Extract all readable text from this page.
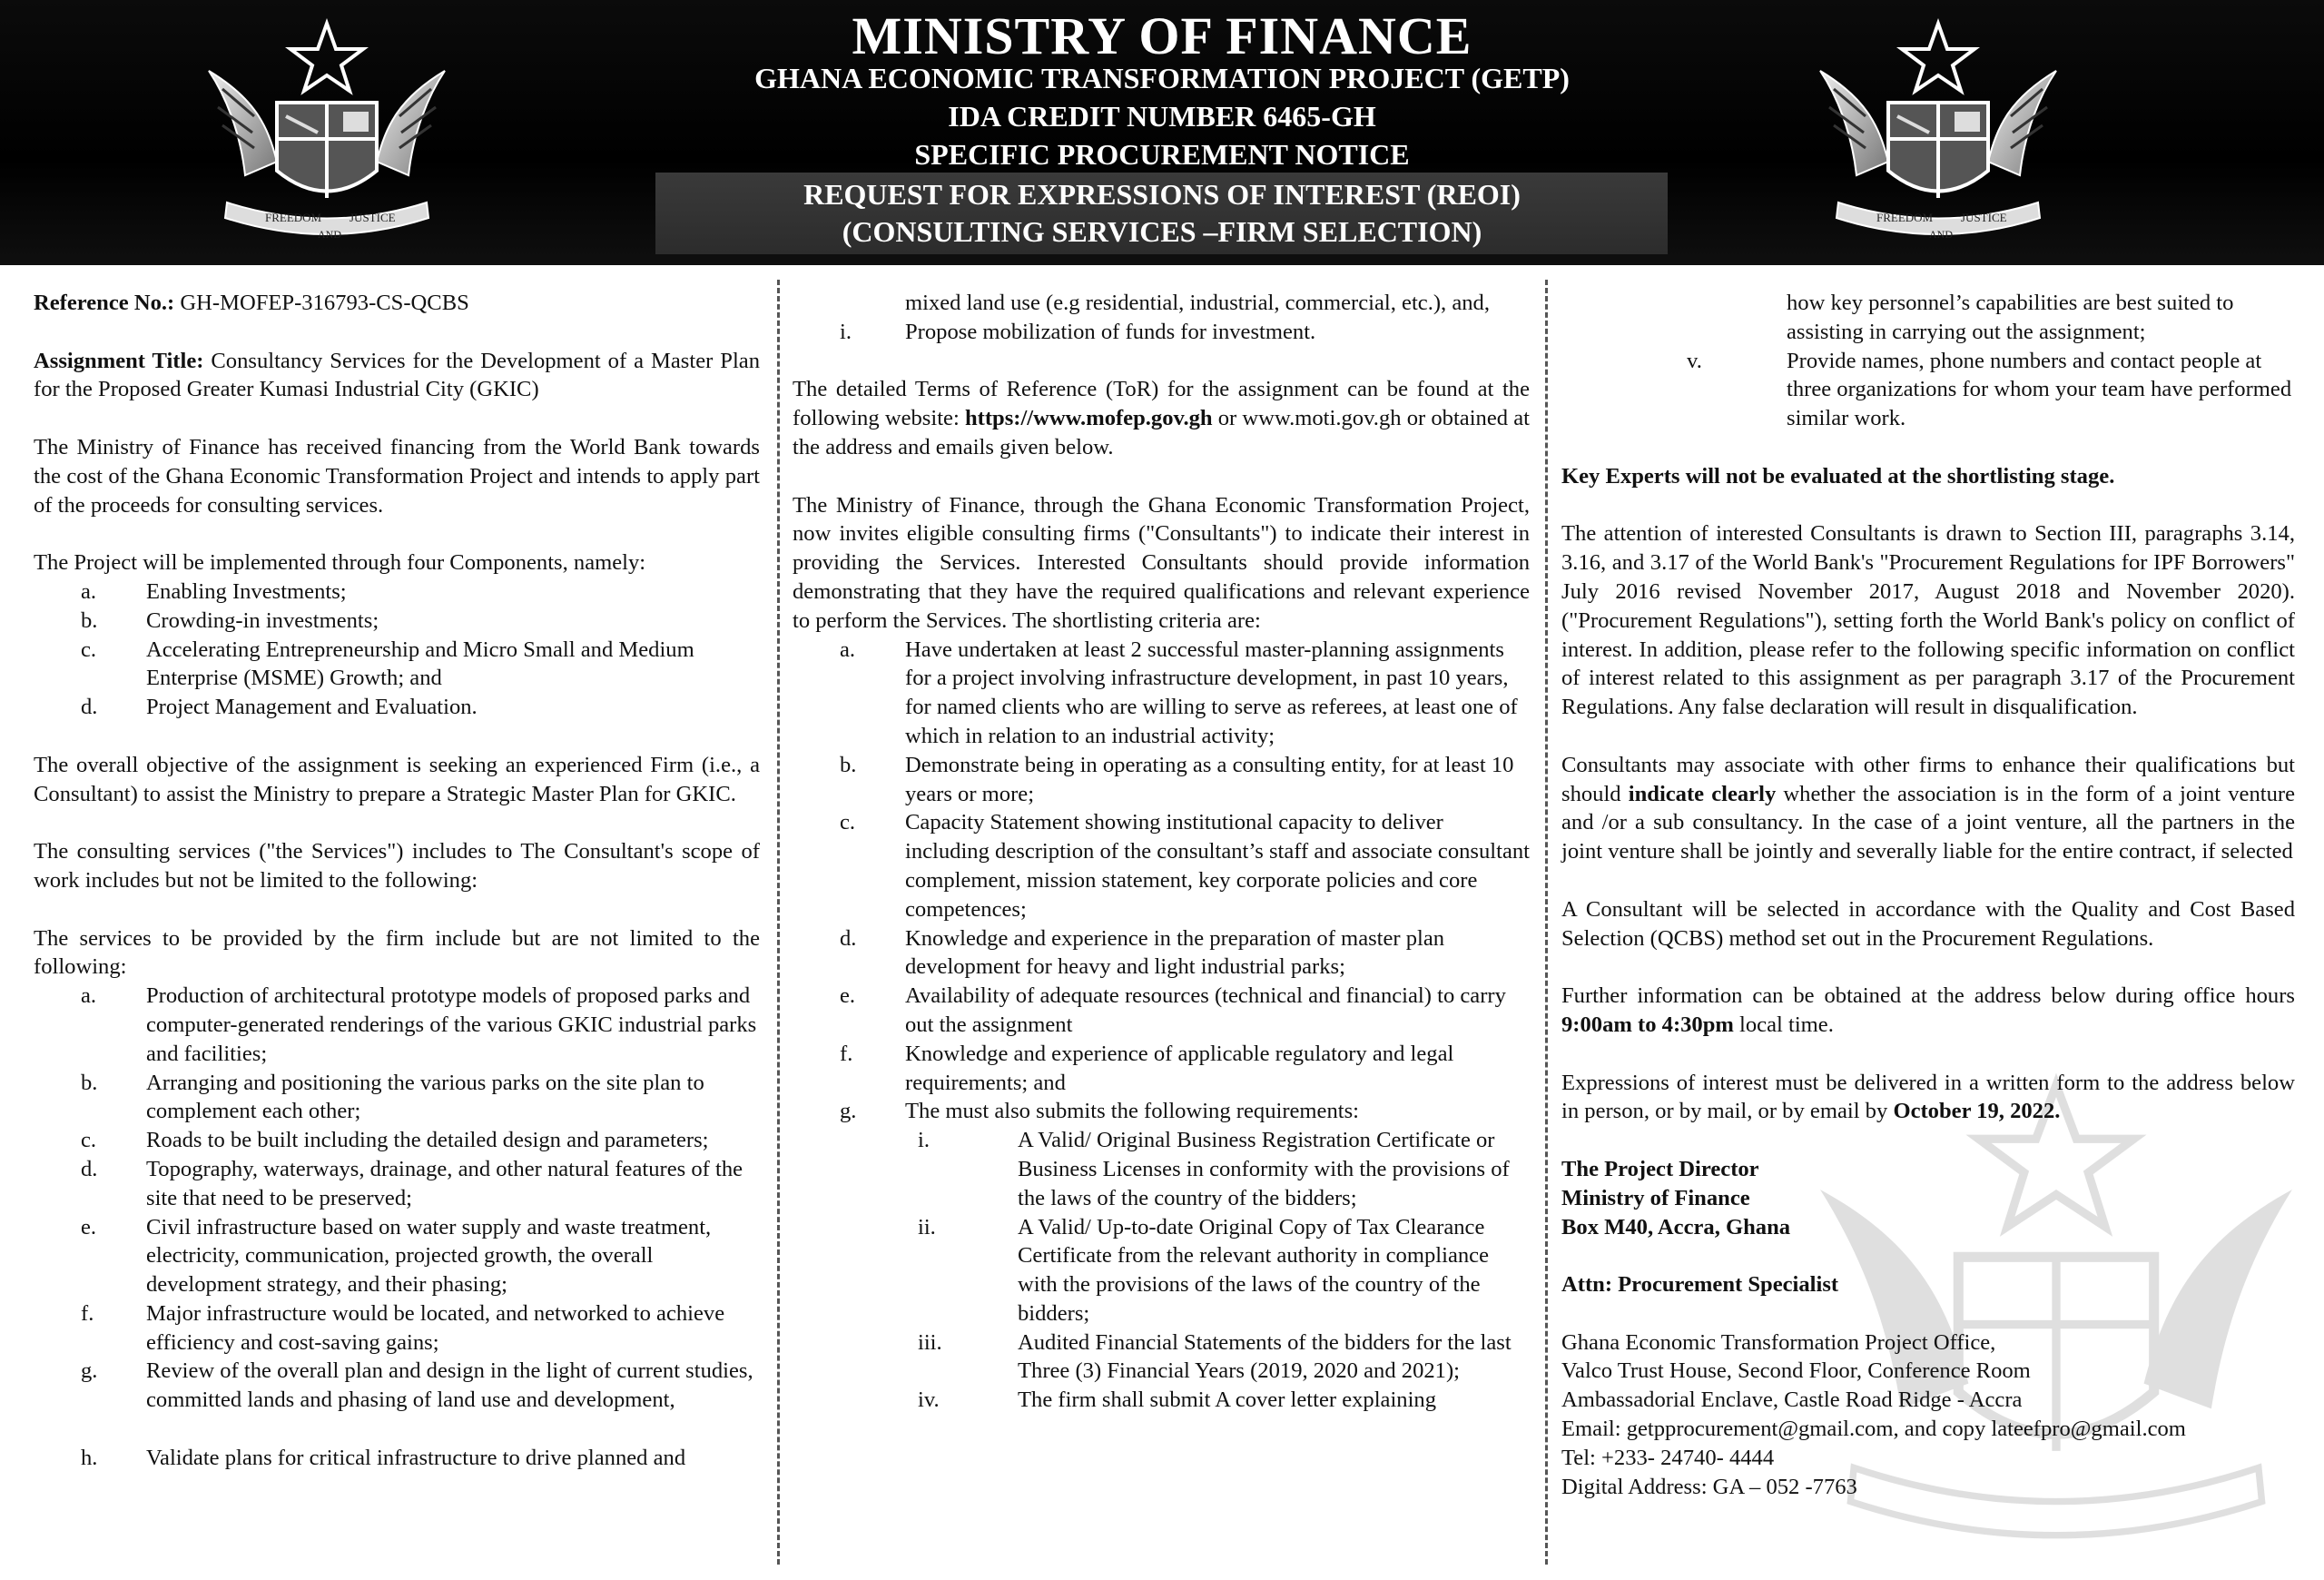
FREEDOM
AND
JUSTICE	FREEDOM
AND
JUSTICE
MINISTRY OF FINANCE
GHANA ECONOMIC TRANSFORMATION PROJECT (GETP)
IDA CREDIT NUMBER 6465-GH
SPECIFIC PROCUREMENT NOTICE
REQUEST FOR EXPRESSIONS OF INTEREST (REOI)
(CONSULTING SERVICES –FIRM SELECTION)

Reference No.: GH-MOFEP-316793-CS-QCBS

Assignment Title: Consultancy Services for the Development of a Master Plan for the Proposed Greater Kumasi Industrial City (GKIC)

The Ministry of Finance has received financing from the World Bank towards the cost of the Ghana Economic Transformation Project and intends to apply part of the proceeds for consulting services.

The Project will be implemented through four Components, namely:

a. Enabling Investments;
b. Crowding-in investments;
c. Accelerating Entrepreneurship and Micro Small and Medium Enterprise (MSME) Growth; and
d. Project Management and Evaluation.

The overall objective of the assignment is seeking an experienced Firm (i.e., a Consultant) to assist the Ministry to prepare a Strategic Master Plan for GKIC.

The consulting services ("the Services") includes to The Consultant's scope of work includes but not be limited to the following:

The services to be provided by the firm include but are not limited to the following:

a. Production of architectural prototype models of proposed parks and computer-generated renderings of the various GKIC industrial parks and facilities;
b. Arranging and positioning the various parks on the site plan to complement each other;
c. Roads to be built including the detailed design and parameters;
d. Topography, waterways, drainage, and other natural features of the site that need to be preserved;
e. Civil infrastructure based on water supply and waste treatment, electricity, communication, projected growth, the overall development strategy, and their phasing;
f. Major infrastructure would be located, and networked to achieve efficiency and cost-saving gains;
g. Review of the overall plan and design in the light of current studies, committed lands and phasing of land use and development,
h. Validate plans for critical infrastructure to drive planned and
mixed land use (e.g residential, industrial, commercial, etc.), and,
i. Propose mobilization of funds for investment.

The detailed Terms of Reference (ToR) for the assignment can be found at the following website: https://www.mofep.gov.gh or www.moti.gov.gh or obtained at the address and emails given below.

The Ministry of Finance, through the Ghana Economic Transformation Project, now invites eligible consulting firms ("Consultants") to indicate their interest in providing the Services. Interested Consultants should provide information demonstrating that they have the required qualifications and relevant experience to perform the Services. The shortlisting criteria are:

a. Have undertaken at least 2 successful master-planning assignments for a project involving infrastructure development, in past 10 years, for named clients who are willing to serve as referees, at least one of which in relation to an industrial activity;
b. Demonstrate being in operating as a consulting entity, for at least 10 years or more;
c. Capacity Statement showing institutional capacity to deliver including description of the consultant’s staff and associate consultant complement, mission statement, key corporate policies and core competences;
d. Knowledge and experience in the preparation of master plan development for heavy and light industrial parks;
e. Availability of adequate resources (technical and financial) to carry out the assignment
f. Knowledge and experience of applicable regulatory and legal requirements; and
g. The must also submits the following requirements:
i.	A Valid/ Original Business Registration Certificate or Business Licenses in conformity with the provisions of the laws of the country of the bidders;
ii.	A Valid/ Up-to-date Original Copy of Tax Clearance Certificate from the relevant authority in compliance with the provisions of the laws of the country of the bidders;
iii.	Audited Financial Statements of the bidders for the last Three (3) Financial Years (2019, 2020 and 2021);
iv.	The firm shall submit A cover letter explaining
how key personnel’s capabilities are best suited to assisting in carrying out the assignment;
v.	Provide names, phone numbers and contact people at three organizations for whom your team have performed similar work.

Key Experts will not be evaluated at the shortlisting stage.

The attention of interested Consultants is drawn to Section III, paragraphs 3.14, 3.16, and 3.17 of the World Bank's "Procurement Regulations for IPF Borrowers" July 2016 revised November 2017, August 2018 and November 2020). ("Procurement Regulations"), setting forth the World Bank's policy on conflict of interest. In addition, please refer to the following specific information on conflict of interest related to this assignment as per paragraph 3.17 of the Procurement Regulations. Any false declaration will result in disqualification.

Consultants may associate with other firms to enhance their qualifications but should indicate clearly whether the association is in the form of a joint venture and /or a sub consultancy. In the case of a joint venture, all the partners in the joint venture shall be jointly and severally liable for the entire contract, if selected

A Consultant will be selected in accordance with the Quality and Cost Based Selection (QCBS) method set out in the Procurement Regulations.

Further information can be obtained at the address below during office hours 9:00am to 4:30pm local time.

Expressions of interest must be delivered in a written form to the address below in person, or by mail, or by email by October 19, 2022.

The Project Director
Ministry of Finance
Box M40, Accra, Ghana
Attn: Procurement Specialist
Ghana Economic Transformation Project Office,
Valco Trust House, Second Floor, Conference Room
Ambassadorial Enclave, Castle Road Ridge - Accra
Email: getpprocurement@gmail.com, and copy lateefpro@gmail.com
Tel: +233- 24740- 4444
Digital Address: GA – 052 -7763
